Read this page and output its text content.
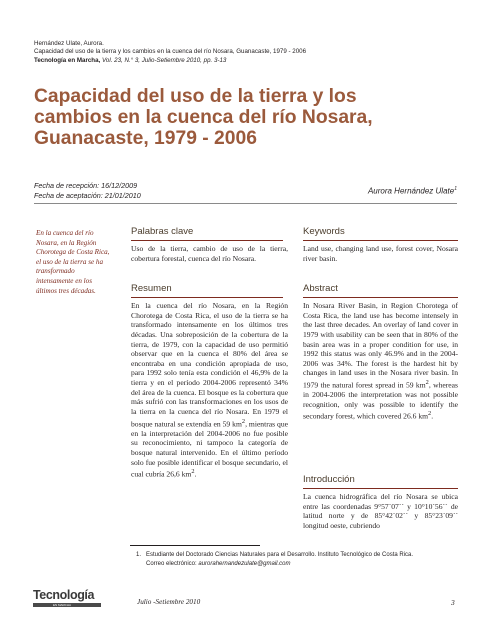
Hernández Ulate, Aurora.
Capacidad del uso de la tierra y los cambios en la cuenca del río Nosara, Guanacaste, 1979 - 2006
Tecnología en Marcha, Vol. 23, N.° 3, Julio-Setiembre 2010, pp. 3-13
Capacidad del uso de la tierra y los
cambios en la cuenca del río Nosara,
Guanacaste, 1979 - 2006
Fecha de recepción: 16/12/2009
Fecha de aceptación: 21/01/2010	Aurora Hernández Ulate$^1$
En la cuenca del río Nosara, en la Región Chorotega de Costa Rica, el uso de la tierra se ha transformado intensamente en los últimos tres décadas.
Palabras clave
Uso de la tierra, cambio de uso de la tierra, cobertura forestal, cuenca del río Nosara.
Keywords
Land use, changing land use, forest cover, Nosara river basin.
Resumen
En la cuenca del río Nosara, en la Región Chorotega de Costa Rica, el uso de la tierra se ha transformado intensamente en los últimos tres décadas. Una sobreposición de la cobertura de la tierra, de 1979, con la capacidad de uso permitió observar que en la cuenca el 80% del área se encontraba en una condición apropiada de uso, para 1992 solo tenía esta condición el 46,9% de la tierra y en el período 2004-2006 representó 34% del área de la cuenca. El bosque es la cobertura que más sufrió con las transformaciones en los usos de la tierra en la cuenca del río Nosara. En 1979 el bosque natural se extendía en 59 $km^2$, mientras que en la interpretación del 2004-2006 no fue posible su reconocimiento, ni tampoco la categoría de bosque natural intervenido. En el último período solo fue posible identificar el bosque secundario, el cual cubría 26,6 $km^2$.
Abstract
In Nosara River Basin, in Region Chorotega of Costa Rica, the land use has become intensely in the last three decades. An overlay of land cover in 1979 with usability can be seen that in 80% of the basin area was in a proper condition for use, in 1992 this status was only 46.9% and in the 2004-2006 was 34%. The forest is the hardest hit by changes in land uses in the Nosara river basin. In 1979 the natural forest spread in 59 $km^2$, whereas in 2004-2006 the interpretation was not possible recognition, only was possible to identify the secondary forest, which covered 26.6 $km^2$.
Introducción
La cuenca hidrográfica del río Nosara se ubica entre las coordenadas 9°57´07´´ y 10°10´56´´ de latitud norte y de 85°42´02´´ y 85°23´09´´ longitud oeste, cubriendo
1. Estudiante del Doctorado Ciencias Naturales para el Desarrollo. Instituto Tecnológico de Costa Rica.
Correo electrónico: aurorahernandezulate@gmail.com
Tecnología
EN MARCHA	Julio -Setiembre 2010	3
